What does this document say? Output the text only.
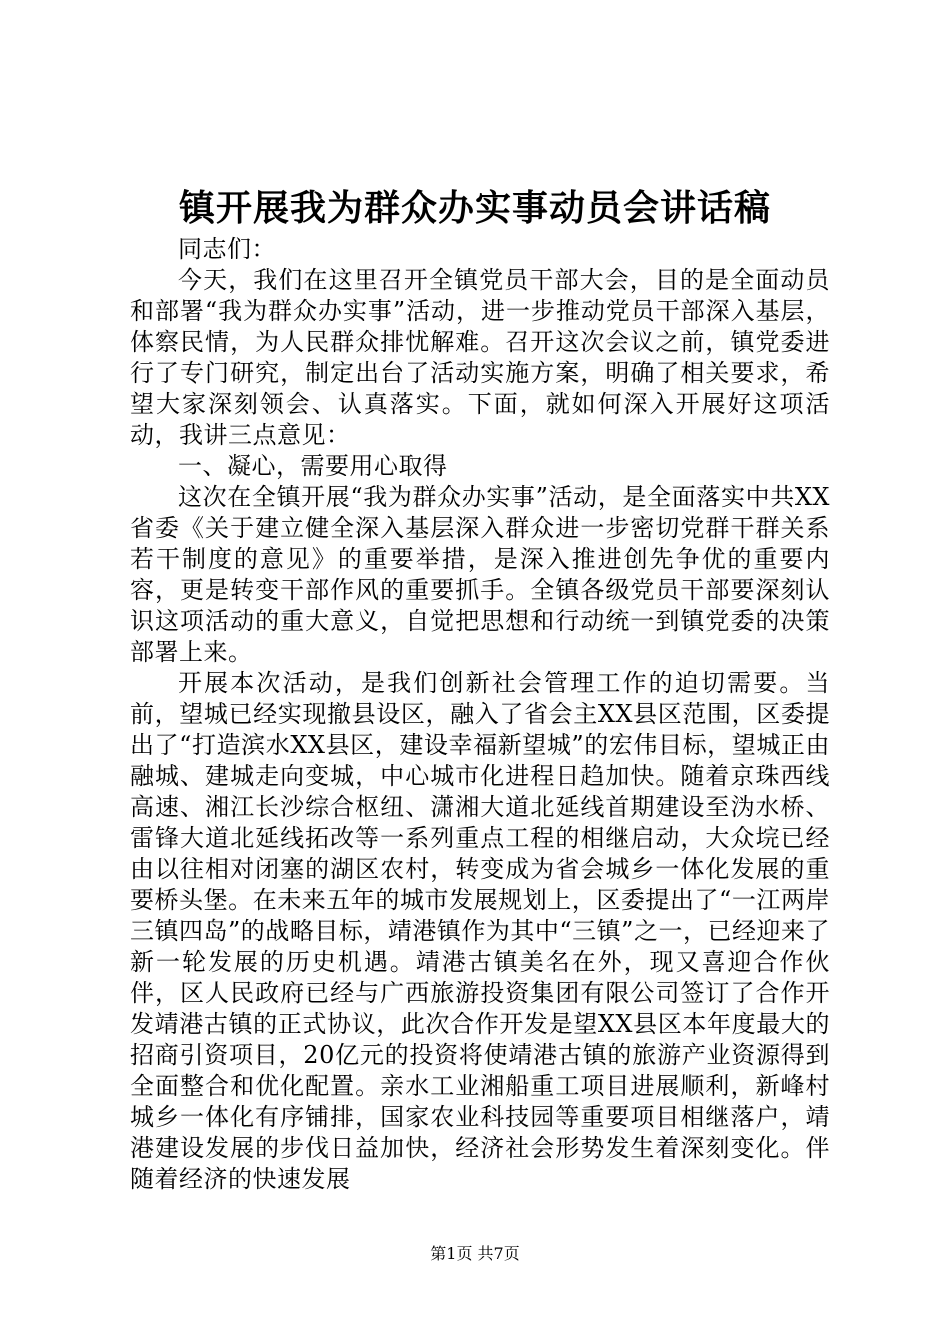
镇开展我为群众办实事动员会讲话稿

同志们：

今天，我们在这里召开全镇党员干部大会，目的是全面动员和部署“我为群众办实事”活动，进一步推动党员干部深入基层，体察民情，为人民群众排忧解难。召开这次会议之前，镇党委进行了专门研究，制定出台了活动实施方案，明确了相关要求，希望大家深刻领会、认真落实。下面，就如何深入开展好这项活动，我讲三点意见：

一、凝心，需要用心取得

这次在全镇开展“我为群众办实事”活动，是全面落实中共XX省委《关于建立健全深入基层深入群众进一步密切党群干群关系若干制度的意见》的重要举措，是深入推进创先争优的重要内容，更是转变干部作风的重要抓手。全镇各级党员干部要深刻认识这项活动的重大意义，自觉把思想和行动统一到镇党委的决策部署上来。

开展本次活动，是我们创新社会管理工作的迫切需要。当前，望城已经实现撤县设区，融入了省会主XX县区范围，区委提出了“打造滨水XX县区，建设幸福新望城”的宏伟目标，望城正由融城、建城走向变城，中心城市化进程日趋加快。随着京珠西线高速、湘江长沙综合枢纽、潇湘大道北延线首期建设至沩水桥、雷锋大道北延线拓改等一系列重点工程的相继启动，大众垸已经由以往相对闭塞的湖区农村，转变成为省会城乡一体化发展的重要桥头堡。在未来五年的城市发展规划上，区委提出了“一江两岸三镇四岛”的战略目标，靖港镇作为其中“三镇”之一，已经迎来了新一轮发展的历史机遇。靖港古镇美名在外，现又喜迎合作伙伴，区人民政府已经与广西旅游投资集团有限公司签订了合作开发靖港古镇的正式协议，此次合作开发是望XX县区本年度最大的招商引资项目，20亿元的投资将使靖港古镇的旅游产业资源得到全面整合和优化配置。亲水工业湘船重工项目进展顺利，新峰村城乡一体化有序铺排，国家农业科技园等重要项目相继落户，靖港建设发展的步伐日益加快，经济社会形势发生着深刻变化。伴随着经济的快速发展

第1页 共7页
